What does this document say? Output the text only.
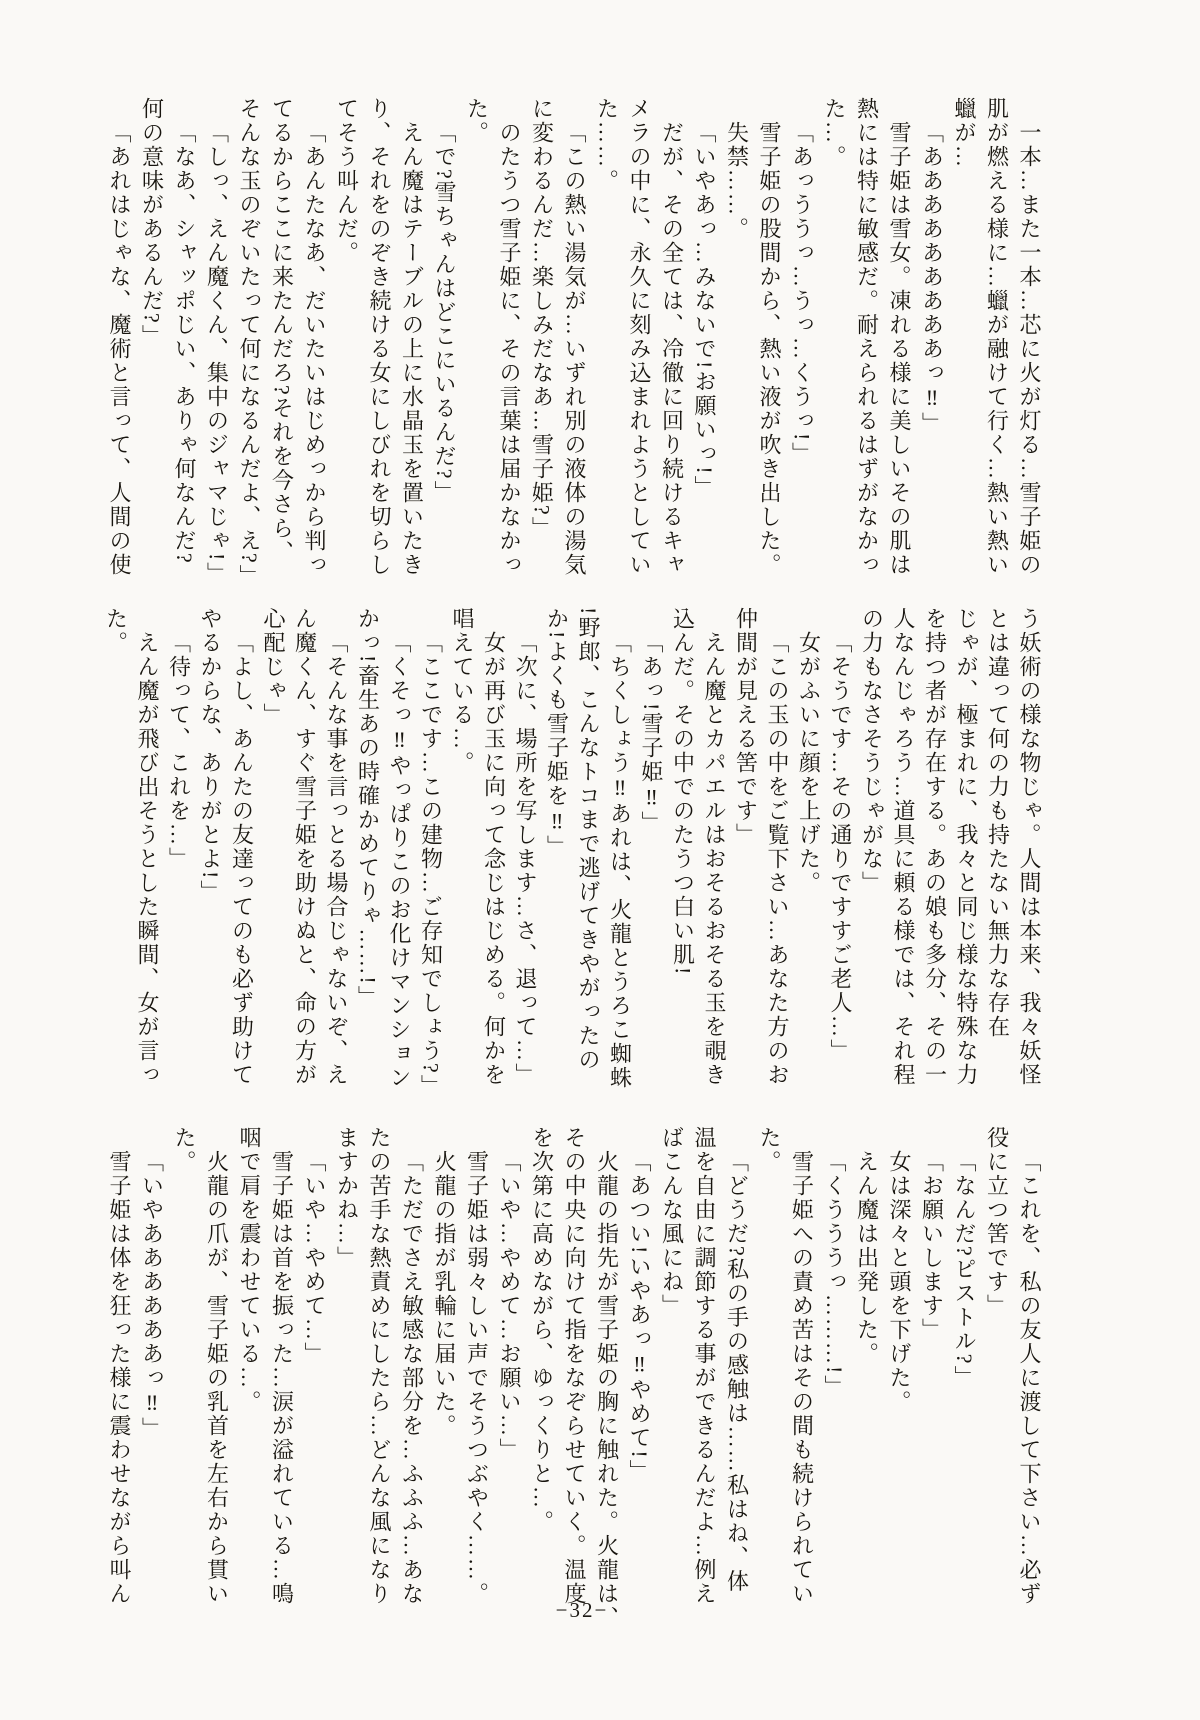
一本…また一本…芯に火が灯る…雪子姫の
肌が燃える様に…蠟が融けて行く…熱い熱い
蠟が…
「あああああああああっ‼」
雪子姫は雪女。凍れる様に美しいその肌は
熱には特に敏感だ。耐えられるはずがなかっ
た…。
「あっううっ…うっ…くうっ!」
雪子姫の股間から、熱い液が吹き出した。
失禁……。
「いやあっ…みないで!お願いっ!」
だが、その全ては、冷徹に回り続けるキャ
メラの中に、永久に刻み込まれようとしてい
た……。
「この熱い湯気が…いずれ別の液体の湯気
に変わるんだ…楽しみだなあ…雪子姫?」
のたうつ雪子姫に、その言葉は届かなかっ
た。
「で?雪ちゃんはどこにいるんだ?」
えん魔はテーブルの上に水晶玉を置いたき
り、それをのぞき続ける女にしびれを切らし
てそう叫んだ。
「あんたなあ、だいたいはじめっから判っ
てるからここに来たんだろ?それを今さら、
そんな玉のぞいたって何になるんだよ、え?」
「しっ、えん魔くん、集中のジャマじゃ!」
「なあ、シャッポじい、ありゃ何なんだ?
何の意味があるんだ?」
「あれはじゃな、魔術と言って、人間の使
う妖術の様な物じゃ。人間は本来、我々妖怪
とは違って何の力も持たない無力な存在
じゃが、極まれに、我々と同じ様な特殊な力
を持つ者が存在する。あの娘も多分、その一
人なんじゃろう…道具に頼る様では、それ程
の力もなさそうじゃがな」
「そうです…その通りですすご老人…」
女がふいに顔を上げた。
「この玉の中をご覧下さい…あなた方のお
仲間が見える筈です」
えん魔とカパエルはおそるおそる玉を覗き
込んだ。その中でのたうつ白い肌!
「あっ!雪子姫‼」
「ちくしょう‼あれは、火龍とうろこ蜘蛛
!野郎、こんなトコまで逃げてきやがったの
か!よくも雪子姫を‼」
「次に、場所を写します…さ、退って…」
女が再び玉に向って念じはじめる。何かを
唱えている…。
「ここです…この建物…ご存知でしょう?」
「くそっ‼やっぱりこのお化けマンション
かっ!畜生あの時確かめてりゃ……!」
「そんな事を言っとる場合じゃないぞ、え
ん魔くん、すぐ雪子姫を助けぬと、命の方が
心配じゃ」
「よし、あんたの友達ってのも必ず助けて
やるからな、ありがとよ!」
「待って、これを…」
えん魔が飛び出そうとした瞬間、女が言っ
た。
「これを、私の友人に渡して下さい…必ず
役に立つ筈です」
「なんだ?ピストル?」
「お願いします」
女は深々と頭を下げた。
えん魔は出発した。
「くうううっ………!」
雪子姫への責め苦はその間も続けられてい
た。
「どうだ?私の手の感触は……私はね、体
温を自由に調節する事ができるんだよ…例え
ばこんな風にね」
「あつい!いやあっ‼やめて!」
火龍の指先が雪子姫の胸に触れた。火龍は、
その中央に向けて指をなぞらせていく。温度
を次第に高めながら、ゆっくりと…。
「いや…やめて…お願い…」
雪子姫は弱々しい声でそうつぶやく……。
火龍の指が乳輪に届いた。
「ただでさえ敏感な部分を…ふふふ…あな
たの苦手な熱責めにしたら…どんな風になり
ますかね…」
「いや…やめて…」
雪子姫は首を振った…涙が溢れている…鳴
咽で肩を震わせている…。
火龍の爪が、雪子姫の乳首を左右から貫い
た。
「いやああああああっ‼」
雪子姫は体を狂った様に震わせながら叫ん
−32−
